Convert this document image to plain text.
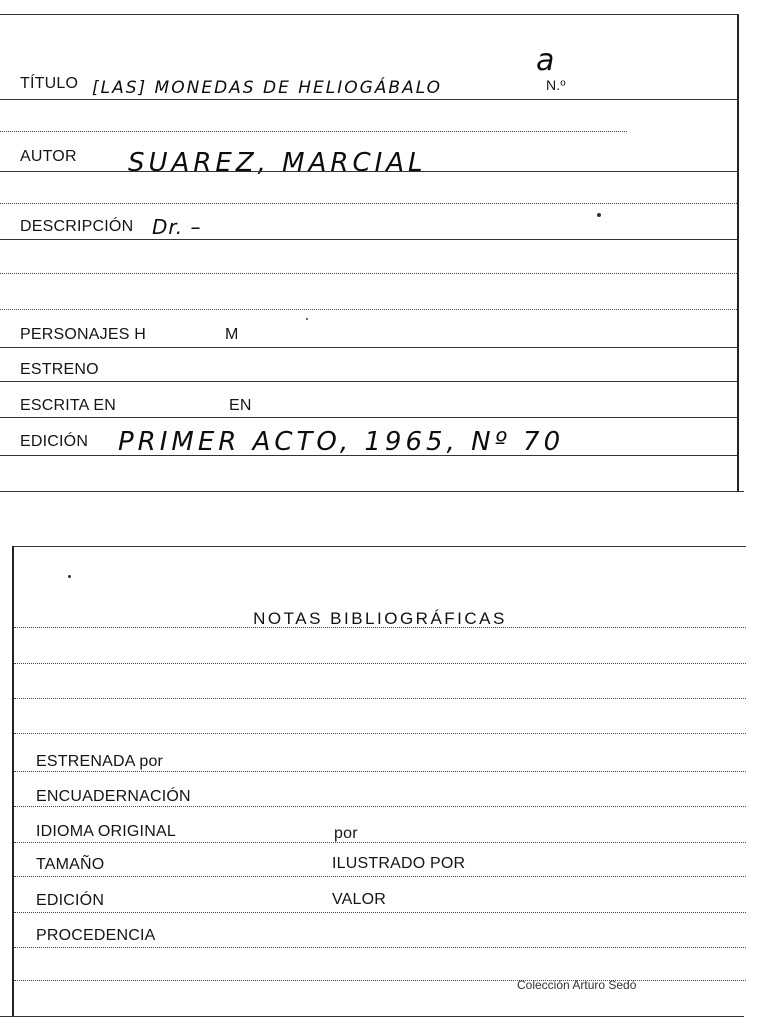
TÍTULO [LAS] MONEDAS DE HELIOGÁBALO
a
N.º
AUTOR SUAREZ, MARCIAL
DESCRIPCIÓN Dr. –
PERSONAJES H	M
ESTRENO
ESCRITA EN	EN
EDICIÓN PRIMER ACTO, 1965, Nº 70
NOTAS BIBLIOGRÁFICAS
ESTRENADA por
ENCUADERNACIÓN
IDIOMA ORIGINAL	por
TAMAÑO	ILUSTRADO POR
EDICIÓN	VALOR
PROCEDENCIA
Colección Arturo Sedó
